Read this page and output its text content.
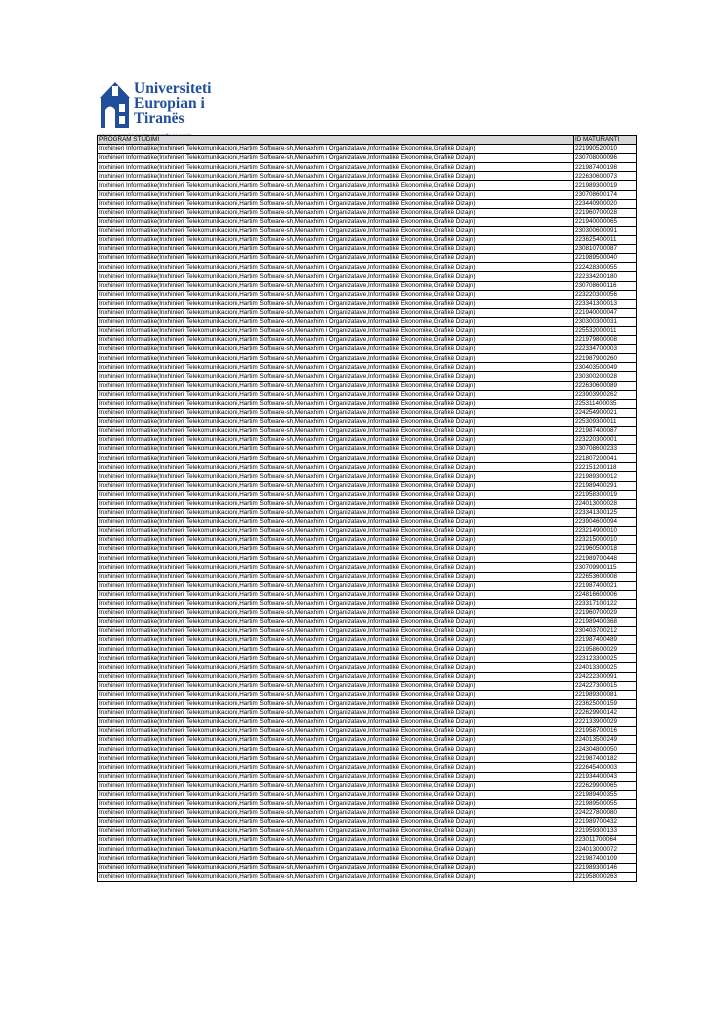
Universiteti
Europian i
Tiranës
PROGRAM STUDIMI	ID MATURANTI
Inxhinieri Informatike(Inxhinieri Telekomunikacioni,Hartim Software-sh,Menaxhim i Organizatave,Informatikë Ekonomike,Grafikë Dizajn)	221990520010
Inxhinieri Informatike(Inxhinieri Telekomunikacioni,Hartim Software-sh,Menaxhim i Organizatave,Informatikë Ekonomike,Grafikë Dizajn)	230708000096
Inxhinieri Informatike(Inxhinieri Telekomunikacioni,Hartim Software-sh,Menaxhim i Organizatave,Informatikë Ekonomike,Grafikë Dizajn)	221987400198
Inxhinieri Informatike(Inxhinieri Telekomunikacioni,Hartim Software-sh,Menaxhim i Organizatave,Informatikë Ekonomike,Grafikë Dizajn)	222630600073
Inxhinieri Informatike(Inxhinieri Telekomunikacioni,Hartim Software-sh,Menaxhim i Organizatave,Informatikë Ekonomike,Grafikë Dizajn)	221989300019
Inxhinieri Informatike(Inxhinieri Telekomunikacioni,Hartim Software-sh,Menaxhim i Organizatave,Informatikë Ekonomike,Grafikë Dizajn)	230708600174
Inxhinieri Informatike(Inxhinieri Telekomunikacioni,Hartim Software-sh,Menaxhim i Organizatave,Informatikë Ekonomike,Grafikë Dizajn)	223440900020
Inxhinieri Informatike(Inxhinieri Telekomunikacioni,Hartim Software-sh,Menaxhim i Organizatave,Informatikë Ekonomike,Grafikë Dizajn)	221960700028
Inxhinieri Informatike(Inxhinieri Telekomunikacioni,Hartim Software-sh,Menaxhim i Organizatave,Informatikë Ekonomike,Grafikë Dizajn)	221940000065
Inxhinieri Informatike(Inxhinieri Telekomunikacioni,Hartim Software-sh,Menaxhim i Organizatave,Informatikë Ekonomike,Grafikë Dizajn)	230300600091
Inxhinieri Informatike(Inxhinieri Telekomunikacioni,Hartim Software-sh,Menaxhim i Organizatave,Informatikë Ekonomike,Grafikë Dizajn)	223625400011
Inxhinieri Informatike(Inxhinieri Telekomunikacioni,Hartim Software-sh,Menaxhim i Organizatave,Informatikë Ekonomike,Grafikë Dizajn)	230810700087
Inxhinieri Informatike(Inxhinieri Telekomunikacioni,Hartim Software-sh,Menaxhim i Organizatave,Informatikë Ekonomike,Grafikë Dizajn)	221989500040
Inxhinieri Informatike(Inxhinieri Telekomunikacioni,Hartim Software-sh,Menaxhim i Organizatave,Informatikë Ekonomike,Grafikë Dizajn)	222428300055
Inxhinieri Informatike(Inxhinieri Telekomunikacioni,Hartim Software-sh,Menaxhim i Organizatave,Informatikë Ekonomike,Grafikë Dizajn)	222334200180
Inxhinieri Informatike(Inxhinieri Telekomunikacioni,Hartim Software-sh,Menaxhim i Organizatave,Informatikë Ekonomike,Grafikë Dizajn)	230708600116
Inxhinieri Informatike(Inxhinieri Telekomunikacioni,Hartim Software-sh,Menaxhim i Organizatave,Informatikë Ekonomike,Grafikë Dizajn)	223220300056
Inxhinieri Informatike(Inxhinieri Telekomunikacioni,Hartim Software-sh,Menaxhim i Organizatave,Informatikë Ekonomike,Grafikë Dizajn)	223341300013
Inxhinieri Informatike(Inxhinieri Telekomunikacioni,Hartim Software-sh,Menaxhim i Organizatave,Informatikë Ekonomike,Grafikë Dizajn)	221940000047
Inxhinieri Informatike(Inxhinieri Telekomunikacioni,Hartim Software-sh,Menaxhim i Organizatave,Informatikë Ekonomike,Grafikë Dizajn)	230300300031
Inxhinieri Informatike(Inxhinieri Telekomunikacioni,Hartim Software-sh,Menaxhim i Organizatave,Informatikë Ekonomike,Grafikë Dizajn)	225532000011
Inxhinieri Informatike(Inxhinieri Telekomunikacioni,Hartim Software-sh,Menaxhim i Organizatave,Informatikë Ekonomike,Grafikë Dizajn)	221979800008
Inxhinieri Informatike(Inxhinieri Telekomunikacioni,Hartim Software-sh,Menaxhim i Organizatave,Informatikë Ekonomike,Grafikë Dizajn)	222334700003
Inxhinieri Informatike(Inxhinieri Telekomunikacioni,Hartim Software-sh,Menaxhim i Organizatave,Informatikë Ekonomike,Grafikë Dizajn)	221987900260
Inxhinieri Informatike(Inxhinieri Telekomunikacioni,Hartim Software-sh,Menaxhim i Organizatave,Informatikë Ekonomike,Grafikë Dizajn)	230403500049
Inxhinieri Informatike(Inxhinieri Telekomunikacioni,Hartim Software-sh,Menaxhim i Organizatave,Informatikë Ekonomike,Grafikë Dizajn)	230300200028
Inxhinieri Informatike(Inxhinieri Telekomunikacioni,Hartim Software-sh,Menaxhim i Organizatave,Informatikë Ekonomike,Grafikë Dizajn)	222630600089
Inxhinieri Informatike(Inxhinieri Telekomunikacioni,Hartim Software-sh,Menaxhim i Organizatave,Informatikë Ekonomike,Grafikë Dizajn)	223903900262
Inxhinieri Informatike(Inxhinieri Telekomunikacioni,Hartim Software-sh,Menaxhim i Organizatave,Informatikë Ekonomike,Grafikë Dizajn)	225311400035
Inxhinieri Informatike(Inxhinieri Telekomunikacioni,Hartim Software-sh,Menaxhim i Organizatave,Informatikë Ekonomike,Grafikë Dizajn)	224254900021
Inxhinieri Informatike(Inxhinieri Telekomunikacioni,Hartim Software-sh,Menaxhim i Organizatave,Informatikë Ekonomike,Grafikë Dizajn)	225309300011
Inxhinieri Informatike(Inxhinieri Telekomunikacioni,Hartim Software-sh,Menaxhim i Organizatave,Informatikë Ekonomike,Grafikë Dizajn)	221987400087
Inxhinieri Informatike(Inxhinieri Telekomunikacioni,Hartim Software-sh,Menaxhim i Organizatave,Informatikë Ekonomike,Grafikë Dizajn)	223220300001
Inxhinieri Informatike(Inxhinieri Telekomunikacioni,Hartim Software-sh,Menaxhim i Organizatave,Informatikë Ekonomike,Grafikë Dizajn)	230708600233
Inxhinieri Informatike(Inxhinieri Telekomunikacioni,Hartim Software-sh,Menaxhim i Organizatave,Informatikë Ekonomike,Grafikë Dizajn)	221807200041
Inxhinieri Informatike(Inxhinieri Telekomunikacioni,Hartim Software-sh,Menaxhim i Organizatave,Informatikë Ekonomike,Grafikë Dizajn)	222151200118
Inxhinieri Informatike(Inxhinieri Telekomunikacioni,Hartim Software-sh,Menaxhim i Organizatave,Informatikë Ekonomike,Grafikë Dizajn)	221989300012
Inxhinieri Informatike(Inxhinieri Telekomunikacioni,Hartim Software-sh,Menaxhim i Organizatave,Informatikë Ekonomike,Grafikë Dizajn)	221989400291
Inxhinieri Informatike(Inxhinieri Telekomunikacioni,Hartim Software-sh,Menaxhim i Organizatave,Informatikë Ekonomike,Grafikë Dizajn)	221958300019
Inxhinieri Informatike(Inxhinieri Telekomunikacioni,Hartim Software-sh,Menaxhim i Organizatave,Informatikë Ekonomike,Grafikë Dizajn)	224013000028
Inxhinieri Informatike(Inxhinieri Telekomunikacioni,Hartim Software-sh,Menaxhim i Organizatave,Informatikë Ekonomike,Grafikë Dizajn)	223341300125
Inxhinieri Informatike(Inxhinieri Telekomunikacioni,Hartim Software-sh,Menaxhim i Organizatave,Informatikë Ekonomike,Grafikë Dizajn)	223904600094
Inxhinieri Informatike(Inxhinieri Telekomunikacioni,Hartim Software-sh,Menaxhim i Organizatave,Informatikë Ekonomike,Grafikë Dizajn)	223214900010
Inxhinieri Informatike(Inxhinieri Telekomunikacioni,Hartim Software-sh,Menaxhim i Organizatave,Informatikë Ekonomike,Grafikë Dizajn)	223215000010
Inxhinieri Informatike(Inxhinieri Telekomunikacioni,Hartim Software-sh,Menaxhim i Organizatave,Informatikë Ekonomike,Grafikë Dizajn)	221960500018
Inxhinieri Informatike(Inxhinieri Telekomunikacioni,Hartim Software-sh,Menaxhim i Organizatave,Informatikë Ekonomike,Grafikë Dizajn)	221989700448
Inxhinieri Informatike(Inxhinieri Telekomunikacioni,Hartim Software-sh,Menaxhim i Organizatave,Informatikë Ekonomike,Grafikë Dizajn)	230709900115
Inxhinieri Informatike(Inxhinieri Telekomunikacioni,Hartim Software-sh,Menaxhim i Organizatave,Informatikë Ekonomike,Grafikë Dizajn)	222653600008
Inxhinieri Informatike(Inxhinieri Telekomunikacioni,Hartim Software-sh,Menaxhim i Organizatave,Informatikë Ekonomike,Grafikë Dizajn)	221987400021
Inxhinieri Informatike(Inxhinieri Telekomunikacioni,Hartim Software-sh,Menaxhim i Organizatave,Informatikë Ekonomike,Grafikë Dizajn)	224816600006
Inxhinieri Informatike(Inxhinieri Telekomunikacioni,Hartim Software-sh,Menaxhim i Organizatave,Informatikë Ekonomike,Grafikë Dizajn)	223317100122
Inxhinieri Informatike(Inxhinieri Telekomunikacioni,Hartim Software-sh,Menaxhim i Organizatave,Informatikë Ekonomike,Grafikë Dizajn)	221960700029
Inxhinieri Informatike(Inxhinieri Telekomunikacioni,Hartim Software-sh,Menaxhim i Organizatave,Informatikë Ekonomike,Grafikë Dizajn)	221989400368
Inxhinieri Informatike(Inxhinieri Telekomunikacioni,Hartim Software-sh,Menaxhim i Organizatave,Informatikë Ekonomike,Grafikë Dizajn)	230403700212
Inxhinieri Informatike(Inxhinieri Telekomunikacioni,Hartim Software-sh,Menaxhim i Organizatave,Informatikë Ekonomike,Grafikë Dizajn)	221987400489
Inxhinieri Informatike(Inxhinieri Telekomunikacioni,Hartim Software-sh,Menaxhim i Organizatave,Informatikë Ekonomike,Grafikë Dizajn)	221958600029
Inxhinieri Informatike(Inxhinieri Telekomunikacioni,Hartim Software-sh,Menaxhim i Organizatave,Informatikë Ekonomike,Grafikë Dizajn)	223123300025
Inxhinieri Informatike(Inxhinieri Telekomunikacioni,Hartim Software-sh,Menaxhim i Organizatave,Informatikë Ekonomike,Grafikë Dizajn)	224013300025
Inxhinieri Informatike(Inxhinieri Telekomunikacioni,Hartim Software-sh,Menaxhim i Organizatave,Informatikë Ekonomike,Grafikë Dizajn)	224222300091
Inxhinieri Informatike(Inxhinieri Telekomunikacioni,Hartim Software-sh,Menaxhim i Organizatave,Informatikë Ekonomike,Grafikë Dizajn)	224227300015
Inxhinieri Informatike(Inxhinieri Telekomunikacioni,Hartim Software-sh,Menaxhim i Organizatave,Informatikë Ekonomike,Grafikë Dizajn)	221989300081
Inxhinieri Informatike(Inxhinieri Telekomunikacioni,Hartim Software-sh,Menaxhim i Organizatave,Informatikë Ekonomike,Grafikë Dizajn)	223625000159
Inxhinieri Informatike(Inxhinieri Telekomunikacioni,Hartim Software-sh,Menaxhim i Organizatave,Informatikë Ekonomike,Grafikë Dizajn)	222629900142
Inxhinieri Informatike(Inxhinieri Telekomunikacioni,Hartim Software-sh,Menaxhim i Organizatave,Informatikë Ekonomike,Grafikë Dizajn)	222133900029
Inxhinieri Informatike(Inxhinieri Telekomunikacioni,Hartim Software-sh,Menaxhim i Organizatave,Informatikë Ekonomike,Grafikë Dizajn)	221958700016
Inxhinieri Informatike(Inxhinieri Telekomunikacioni,Hartim Software-sh,Menaxhim i Organizatave,Informatikë Ekonomike,Grafikë Dizajn)	224013500249
Inxhinieri Informatike(Inxhinieri Telekomunikacioni,Hartim Software-sh,Menaxhim i Organizatave,Informatikë Ekonomike,Grafikë Dizajn)	224304800050
Inxhinieri Informatike(Inxhinieri Telekomunikacioni,Hartim Software-sh,Menaxhim i Organizatave,Informatikë Ekonomike,Grafikë Dizajn)	221987400182
Inxhinieri Informatike(Inxhinieri Telekomunikacioni,Hartim Software-sh,Menaxhim i Organizatave,Informatikë Ekonomike,Grafikë Dizajn)	222645400003
Inxhinieri Informatike(Inxhinieri Telekomunikacioni,Hartim Software-sh,Menaxhim i Organizatave,Informatikë Ekonomike,Grafikë Dizajn)	221934400043
Inxhinieri Informatike(Inxhinieri Telekomunikacioni,Hartim Software-sh,Menaxhim i Organizatave,Informatikë Ekonomike,Grafikë Dizajn)	222629900065
Inxhinieri Informatike(Inxhinieri Telekomunikacioni,Hartim Software-sh,Menaxhim i Organizatave,Informatikë Ekonomike,Grafikë Dizajn)	221989400355
Inxhinieri Informatike(Inxhinieri Telekomunikacioni,Hartim Software-sh,Menaxhim i Organizatave,Informatikë Ekonomike,Grafikë Dizajn)	221989500055
Inxhinieri Informatike(Inxhinieri Telekomunikacioni,Hartim Software-sh,Menaxhim i Organizatave,Informatikë Ekonomike,Grafikë Dizajn)	224227800080
Inxhinieri Informatike(Inxhinieri Telekomunikacioni,Hartim Software-sh,Menaxhim i Organizatave,Informatikë Ekonomike,Grafikë Dizajn)	221989700432
Inxhinieri Informatike(Inxhinieri Telekomunikacioni,Hartim Software-sh,Menaxhim i Organizatave,Informatikë Ekonomike,Grafikë Dizajn)	221959300133
Inxhinieri Informatike(Inxhinieri Telekomunikacioni,Hartim Software-sh,Menaxhim i Organizatave,Informatikë Ekonomike,Grafikë Dizajn)	223011700064
Inxhinieri Informatike(Inxhinieri Telekomunikacioni,Hartim Software-sh,Menaxhim i Organizatave,Informatikë Ekonomike,Grafikë Dizajn)	224013000072
Inxhinieri Informatike(Inxhinieri Telekomunikacioni,Hartim Software-sh,Menaxhim i Organizatave,Informatikë Ekonomike,Grafikë Dizajn)	221987400109
Inxhinieri Informatike(Inxhinieri Telekomunikacioni,Hartim Software-sh,Menaxhim i Organizatave,Informatikë Ekonomike,Grafikë Dizajn)	221989300146
Inxhinieri Informatike(Inxhinieri Telekomunikacioni,Hartim Software-sh,Menaxhim i Organizatave,Informatikë Ekonomike,Grafikë Dizajn)	221958000263
